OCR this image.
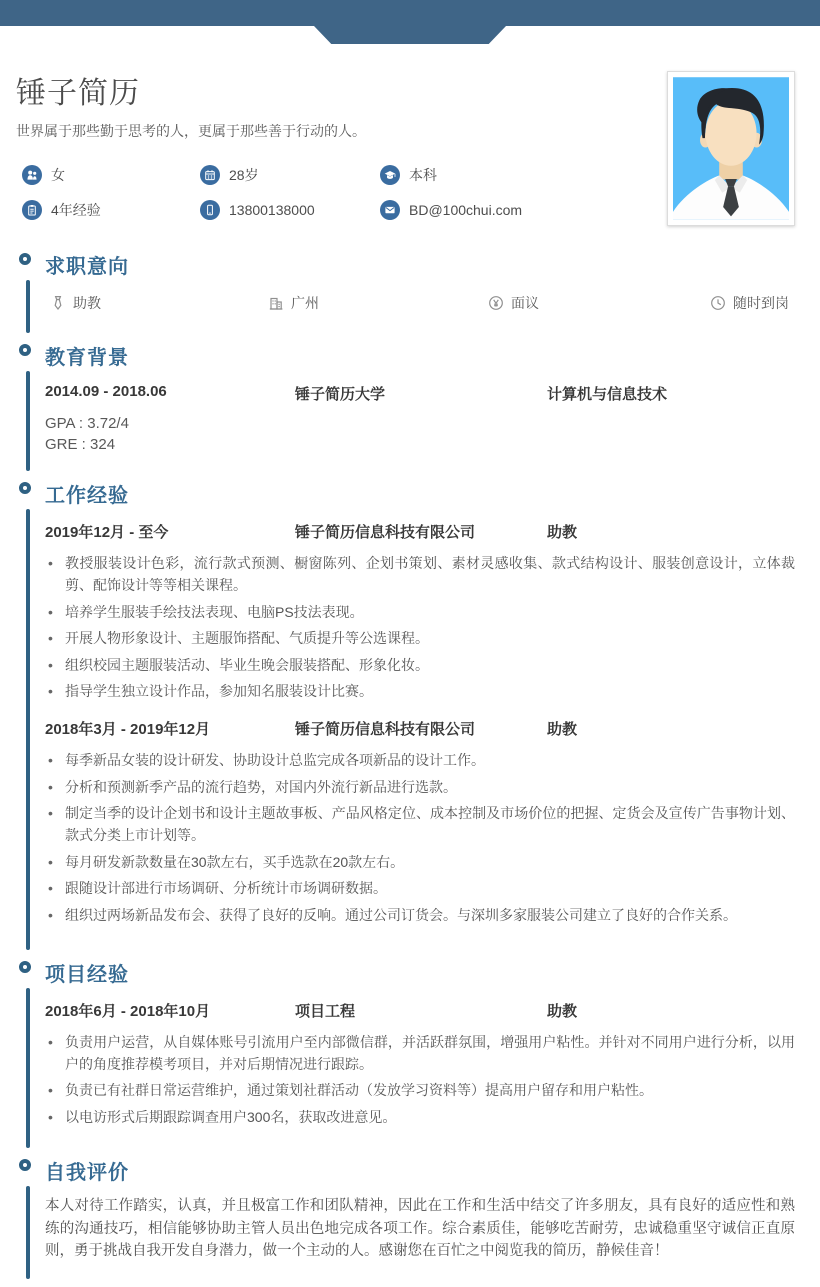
锤子简历

世界属于那些勤于思考的人，更属于那些善于行动的人。

女	28岁	本科
4年经验	13800138000	BD@100chui.com
求职意向
助教	广州	面议	随时到岗
教育背景
2014.09 - 2018.06	锤子简历大学	计算机与信息技术
GPA : 3.72/4
GRE : 324
工作经验
2019年12月 - 至今	锤子简历信息科技有限公司	助教
• 教授服装设计色彩，流行款式预测、橱窗陈列、企划书策划、素材灵感收集、款式结构设计、服装创意设计，立体裁剪、配饰设计等等相关课程。
• 培养学生服装手绘技法表现、电脑PS技法表现。
• 开展人物形象设计、主题服饰搭配、气质提升等公选课程。
• 组织校园主题服装活动、毕业生晚会服装搭配、形象化妆。
• 指导学生独立设计作品，参加知名服装设计比赛。
2018年3月 - 2019年12月	锤子简历信息科技有限公司	助教
• 每季新品女装的设计研发、协助设计总监完成各项新品的设计工作。
• 分析和预测新季产品的流行趋势，对国内外流行新品进行选款。
• 制定当季的设计企划书和设计主题故事板、产品风格定位、成本控制及市场价位的把握、定货会及宣传广告事物计划、款式分类上市计划等。
• 每月研发新款数量在30款左右，买手选款在20款左右。
• 跟随设计部进行市场调研、分析统计市场调研数据。
• 组织过两场新品发布会、获得了良好的反响。通过公司订货会。与深圳多家服装公司建立了良好的合作关系。
项目经验
2018年6月 - 2018年10月	项目工程	助教
• 负责用户运营，从自媒体账号引流用户至内部微信群，并活跃群氛围，增强用户粘性。并针对不同用户进行分析，以用户的角度推荐模考项目，并对后期情况进行跟踪。
• 负责已有社群日常运营维护，通过策划社群活动（发放学习资料等）提高用户留存和用户粘性。
• 以电访形式后期跟踪调查用户300名，获取改进意见。
自我评价

本人对待工作踏实，认真，并且极富工作和团队精神，因此在工作和生活中结交了许多朋友，具有良好的适应性和熟练的沟通技巧，相信能够协助主管人员出色地完成各项工作。综合素质佳，能够吃苦耐劳，忠诚稳重坚守诚信正直原则，勇于挑战自我开发自身潜力，做一个主动的人。感谢您在百忙之中阅览我的简历，静候佳音！
